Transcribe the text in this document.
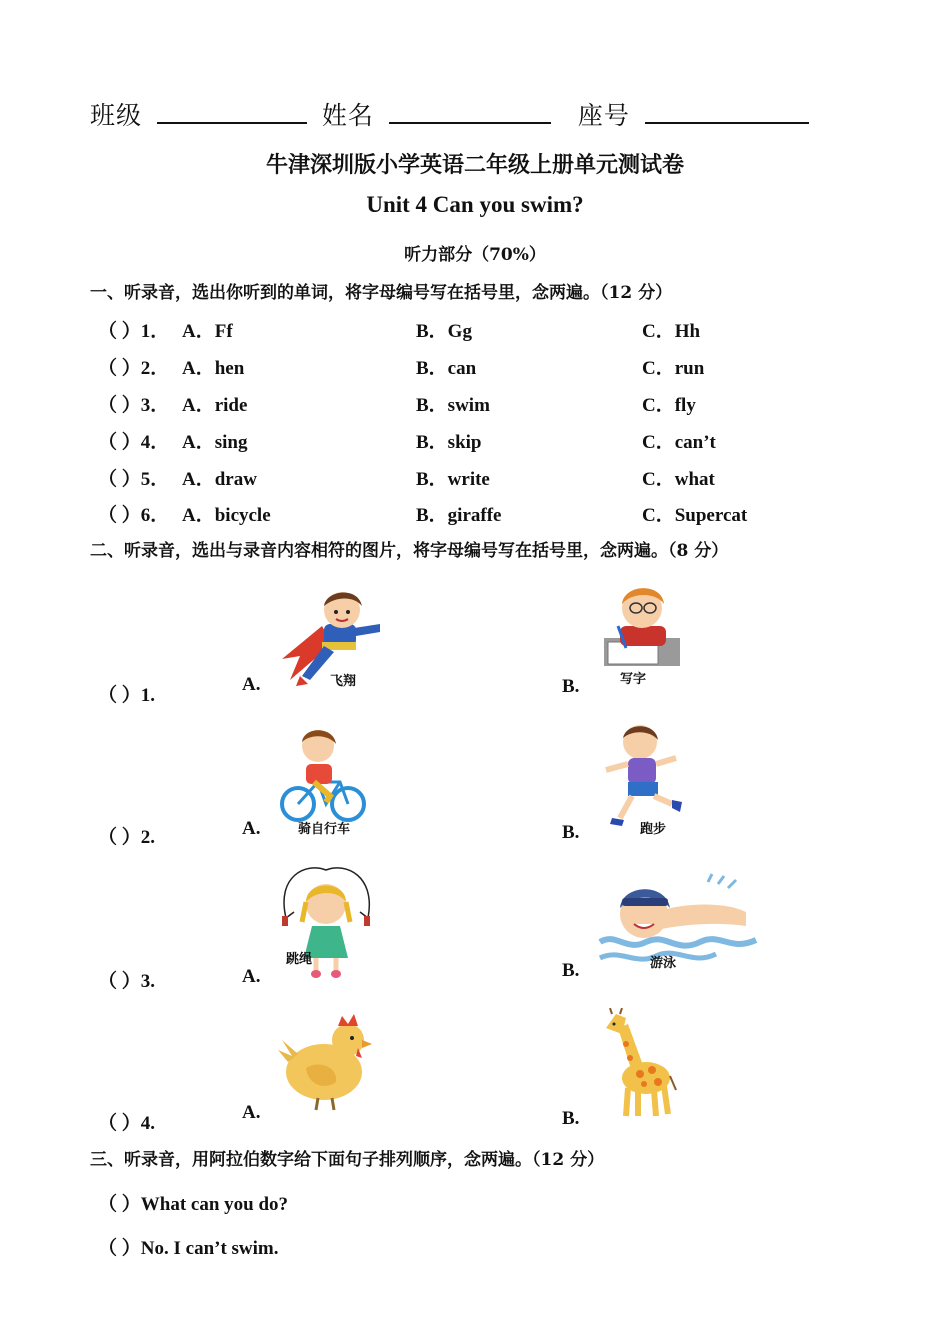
班级	姓名	座号
牛津深圳版小学英语二年级上册单元测试卷
Unit 4 Can you swim?
听力部分（70%）
一、听录音，选出你听到的单词，将字母编号写在括号里，念两遍。（12 分）
（ ）1． A．Ff	B．Gg	C．Hh
（ ）2． A．hen	B．can	C．run
（ ）3． A．ride	B．swim	C．fly
（ ）4． A．sing	B．skip	C．can’t
（ ）5． A．draw	B．write	C．what
（ ）6． A．bicycle	B．giraffe	C．Supercat
二、听录音，选出与录音内容相符的图片，将字母编号写在括号里，念两遍。（8 分）
（ ）1.
A.	B.
飞翔	写字
（ ）2.	A.	B.
骑自行车	跑步
（ ）3.	A.	B.
跳绳	游泳
（ ）4.
A.	B.
三、听录音，用阿拉伯数字给下面句子排列顺序，念两遍。（12 分）
（ ）What can you do?
（ ）No. I can’t swim.
